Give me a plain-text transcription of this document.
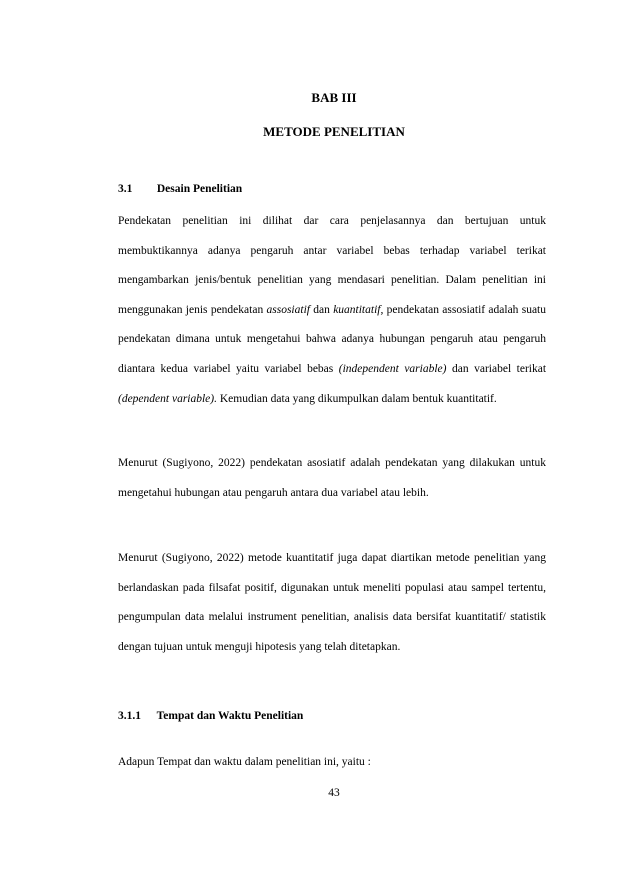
BAB III
METODE PENELITIAN
3.1 Desain Penelitian

Pendekatan penelitian ini dilihat dar cara penjelasannya dan bertujuan untuk membuktikannya adanya pengaruh antar variabel bebas terhadap variabel terikat mengambarkan jenis/bentuk penelitian yang mendasari penelitian. Dalam penelitian ini menggunakan jenis pendekatan assosiatif dan kuantitatif, pendekatan assosiatif adalah suatu pendekatan dimana untuk mengetahui bahwa adanya hubungan pengaruh atau pengaruh diantara kedua variabel yaitu variabel bebas (independent variable) dan variabel terikat (dependent variable). Kemudian data yang dikumpulkan dalam bentuk kuantitatif.

Menurut (Sugiyono, 2022) pendekatan asosiatif adalah pendekatan yang dilakukan untuk mengetahui hubungan atau pengaruh antara dua variabel atau lebih.

Menurut (Sugiyono, 2022) metode kuantitatif juga dapat diartikan metode penelitian yang berlandaskan pada filsafat positif, digunakan untuk meneliti populasi atau sampel tertentu, pengumpulan data melalui instrument penelitian, analisis data bersifat kuantitatif/ statistik dengan tujuan untuk menguji hipotesis yang telah ditetapkan.

3.1.1 Tempat dan Waktu Penelitian

Adapun Tempat dan waktu dalam penelitian ini, yaitu :

43
